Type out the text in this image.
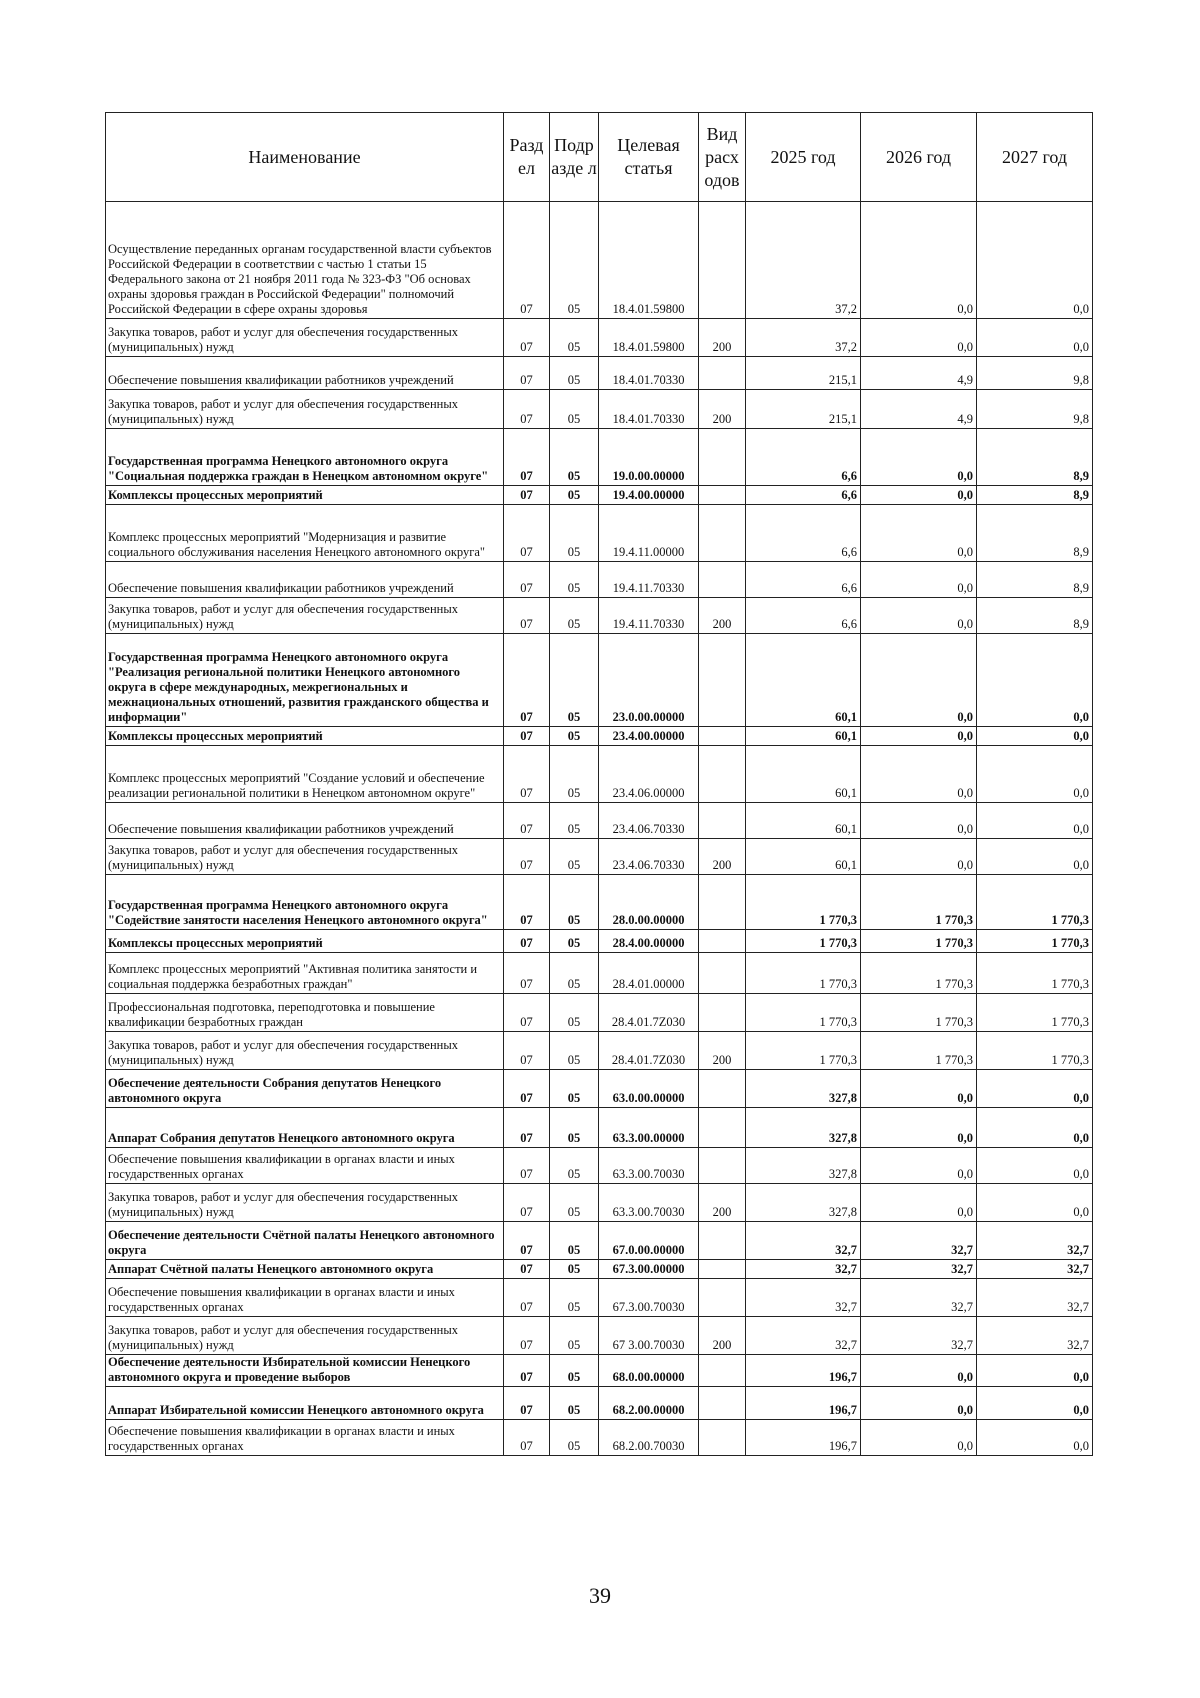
Наименование	Разд ел	Подр азде л	Целевая статья	Вид расх одов	2025 год	2026 год	2027 год
Осуществление переданных органам государственной власти субъектов Российской Федерации в соответствии с частью 1 статьи 15 Федерального закона от 21 ноября 2011 года № 323-ФЗ "Об основах охраны здоровья граждан в Российской Федерации" полномочий Российской Федерации в сфере охраны здоровья	07	05	18.4.01.59800		37,2	0,0	0,0
Закупка товаров, работ и услуг для обеспечения государственных (муниципальных) нужд	07	05	18.4.01.59800	200	37,2	0,0	0,0
Обеспечение повышения квалификации работников учреждений	07	05	18.4.01.70330		215,1	4,9	9,8
Закупка товаров, работ и услуг для обеспечения государственных (муниципальных) нужд	07	05	18.4.01.70330	200	215,1	4,9	9,8
Государственная программа Ненецкого автономного округа "Социальная поддержка граждан в Ненецком автономном округе"	07	05	19.0.00.00000		6,6	0,0	8,9
Комплексы процессных мероприятий	07	05	19.4.00.00000		6,6	0,0	8,9
Комплекс процессных мероприятий "Модернизация и развитие социального обслуживания населения Ненецкого автономного округа"	07	05	19.4.11.00000		6,6	0,0	8,9
Обеспечение повышения квалификации работников учреждений	07	05	19.4.11.70330		6,6	0,0	8,9
Закупка товаров, работ и услуг для обеспечения государственных (муниципальных) нужд	07	05	19.4.11.70330	200	6,6	0,0	8,9
Государственная программа Ненецкого автономного округа "Реализация региональной политики Ненецкого автономного округа в сфере международных, межрегиональных и межнациональных отношений, развития гражданского общества и информации"	07	05	23.0.00.00000		60,1	0,0	0,0
Комплексы процессных мероприятий	07	05	23.4.00.00000		60,1	0,0	0,0
Комплекс процессных мероприятий "Создание условий и обеспечение реализации региональной политики в Ненецком автономном округе"	07	05	23.4.06.00000		60,1	0,0	0,0
Обеспечение повышения квалификации работников учреждений	07	05	23.4.06.70330		60,1	0,0	0,0
Закупка товаров, работ и услуг для обеспечения государственных (муниципальных) нужд	07	05	23.4.06.70330	200	60,1	0,0	0,0
Государственная программа Ненецкого автономного округа "Содействие занятости населения Ненецкого автономного округа"	07	05	28.0.00.00000		1 770,3	1 770,3	1 770,3
Комплексы процессных мероприятий	07	05	28.4.00.00000		1 770,3	1 770,3	1 770,3
Комплекс процессных мероприятий "Активная политика занятости и социальная поддержка безработных граждан"	07	05	28.4.01.00000		1 770,3	1 770,3	1 770,3
Профессиональная подготовка, переподготовка и повышение квалификации безработных граждан	07	05	28.4.01.7Z030		1 770,3	1 770,3	1 770,3
Закупка товаров, работ и услуг для обеспечения государственных (муниципальных) нужд	07	05	28.4.01.7Z030	200	1 770,3	1 770,3	1 770,3
Обеспечение деятельности Собрания депутатов Ненецкого автономного округа	07	05	63.0.00.00000		327,8	0,0	0,0
Аппарат Собрания депутатов Ненецкого автономного округа	07	05	63.3.00.00000		327,8	0,0	0,0
Обеспечение повышения квалификации в органах власти и иных государственных органах	07	05	63.3.00.70030		327,8	0,0	0,0
Закупка товаров, работ и услуг для обеспечения государственных (муниципальных) нужд	07	05	63.3.00.70030	200	327,8	0,0	0,0
Обеспечение деятельности Счётной палаты Ненецкого автономного округа	07	05	67.0.00.00000		32,7	32,7	32,7
Аппарат Счётной палаты Ненецкого автономного округа	07	05	67.3.00.00000		32,7	32,7	32,7
Обеспечение повышения квалификации в органах власти и иных государственных органах	07	05	67.3.00.70030		32,7	32,7	32,7
Закупка товаров, работ и услуг для обеспечения государственных (муниципальных) нужд	07	05	67 3.00.70030	200	32,7	32,7	32,7
Обеспечение деятельности Избирательной комиссии Ненецкого автономного округа и проведение выборов	07	05	68.0.00.00000		196,7	0,0	0,0
Аппарат Избирательной комиссии Ненецкого автономного округа	07	05	68.2.00.00000		196,7	0,0	0,0
Обеспечение повышения квалификации в органах власти и иных государственных органах	07	05	68.2.00.70030		196,7	0,0	0,0
39
